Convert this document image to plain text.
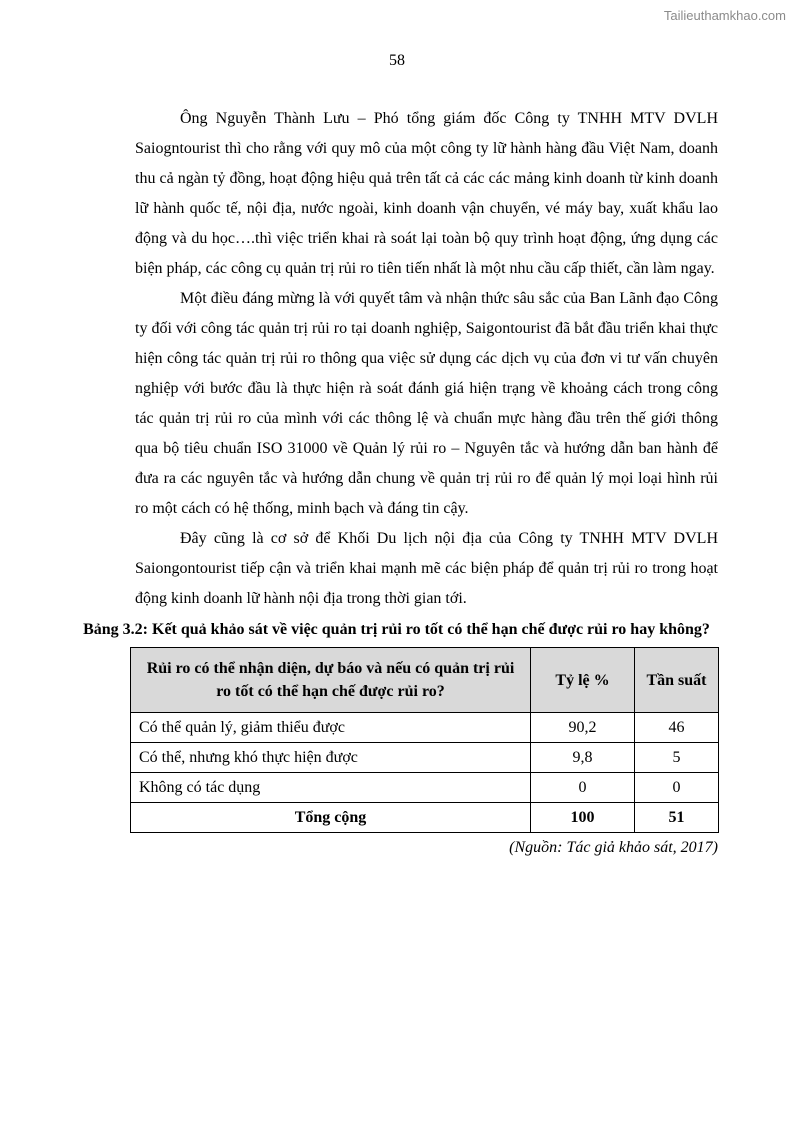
Tailieuthamkhao.com
58

Ông Nguyễn Thành Lưu – Phó tổng giám đốc Công ty TNHH MTV DVLH Saiogntourist thì cho rằng với quy mô của một công ty lữ hành hàng đầu Việt Nam, doanh thu cả ngàn tỷ đồng, hoạt động hiệu quả trên tất cả các các mảng kinh doanh từ kinh doanh lữ hành quốc tế, nội địa, nước ngoài, kinh doanh vận chuyển, vé máy bay, xuất khẩu lao động và du học….thì việc triển khai rà soát lại toàn bộ quy trình hoạt động, ứng dụng các biện pháp, các công cụ quản trị rủi ro tiên tiến nhất là một nhu cầu cấp thiết, cần làm ngay.

Một điều đáng mừng là với quyết tâm và nhận thức sâu sắc của Ban Lãnh đạo Công ty đối với công tác quản trị rủi ro tại doanh nghiệp, Saigontourist đã bắt đầu triển khai thực hiện công tác quản trị rủi ro thông qua việc sử dụng các dịch vụ của đơn vi tư vấn chuyên nghiệp với bước đầu là thực hiện rà soát đánh giá hiện trạng về khoảng cách trong công tác quản trị rủi ro của mình với các thông lệ và chuẩn mực hàng đầu trên thế giới thông qua bộ tiêu chuẩn ISO 31000 về Quản lý rủi ro – Nguyên tắc và hướng dẫn ban hành để đưa ra các nguyên tắc và hướng dẫn chung về quản trị rủi ro để quản lý mọi loại hình rủi ro một cách có hệ thống, minh bạch và đáng tin cậy.

Đây cũng là cơ sở để Khối Du lịch nội địa của Công ty TNHH MTV DVLH Saiongontourist tiếp cận và triển khai mạnh mẽ các biện pháp để quản trị rủi ro trong hoạt động kinh doanh lữ hành nội địa trong thời gian tới.

Bảng 3.2: Kết quả khảo sát về việc quản trị rủi ro tốt có thể hạn chế được rủi ro hay không?
Rủi ro có thể nhận diện, dự báo và nếu có quản trị rủi ro tốt có thể hạn chế được rủi ro?	Tỷ lệ %	Tần suất
Có thể quản lý, giảm thiểu được	90,2	46
Có thể, nhưng khó thực hiện được	9,8	5
Không có tác dụng	0	0
Tổng cộng	100	51
(Nguồn: Tác giả khảo sát, 2017)
